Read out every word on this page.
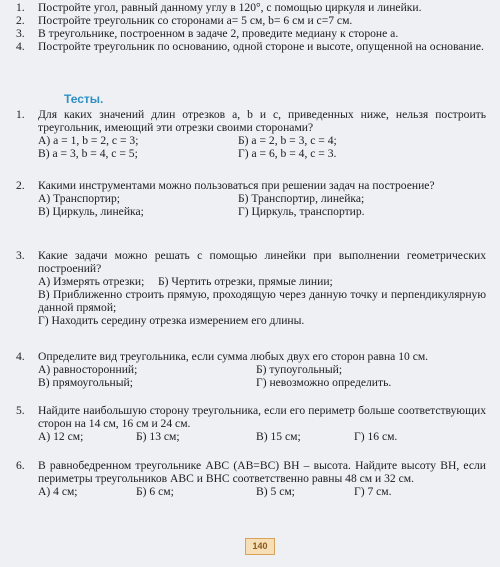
1.	Постройте угол, равный данному углу в 120°, с помощью циркуля и линейки.
2.	Постройте треугольник со сторонами a= 5 см, b= 6 см и c=7 см.
3.	В треугольнике, построенном в задаче 2, проведите медиану к стороне a.
4.	Постройте треугольник по основанию, одной стороне и высоте, опущенной на основание.
Тесты.
1.	Для каких значений длин отрезков a, b и c, приведенных ниже, нельзя построить треугольник, имеющий эти отрезки своими сторонами?
А) a = 1, b = 2, c = 3;	Б) a = 2, b = 3, c = 4;
В) a = 3, b = 4, c = 5;	Г) a = 6, b = 4, c = 3.
2.	Какими инструментами можно пользоваться при решении задач на построение?
А) Транспортир;	Б) Транспортир, линейка;
В) Циркуль, линейка;	Г) Циркуль, транспортир.
3.	Какие задачи можно решать с помощью линейки при выполнении геометрических построений?
А) Измерять отрезки;	Б) Чертить отрезки, прямые линии;
В) Приближенно строить прямую, проходящую через данную точку и перпендикулярную данной прямой;
Г) Находить середину отрезка измерением его длины.
4.	Определите вид треугольника, если сумма любых двух его сторон равна 10 см.
А) равносторонний;	Б) тупоугольный;
В) прямоугольный;	Г) невозможно определить.
5.	Найдите наибольшую сторону треугольника, если его периметр больше соответствующих сторон на 14 см, 16 см и 24 см.
А) 12 см;	Б) 13 см;	В) 15 см;	Г) 16 см.
6.	В равнобедренном треугольнике ABC (AB=BC) BH – высота. Найдите высоту BH, если периметры треугольников ABC и BHC соответственно равны 48 см и 32 см.
А) 4 см;	Б) 6 см;	В) 5 см;	Г) 7 см.
140
